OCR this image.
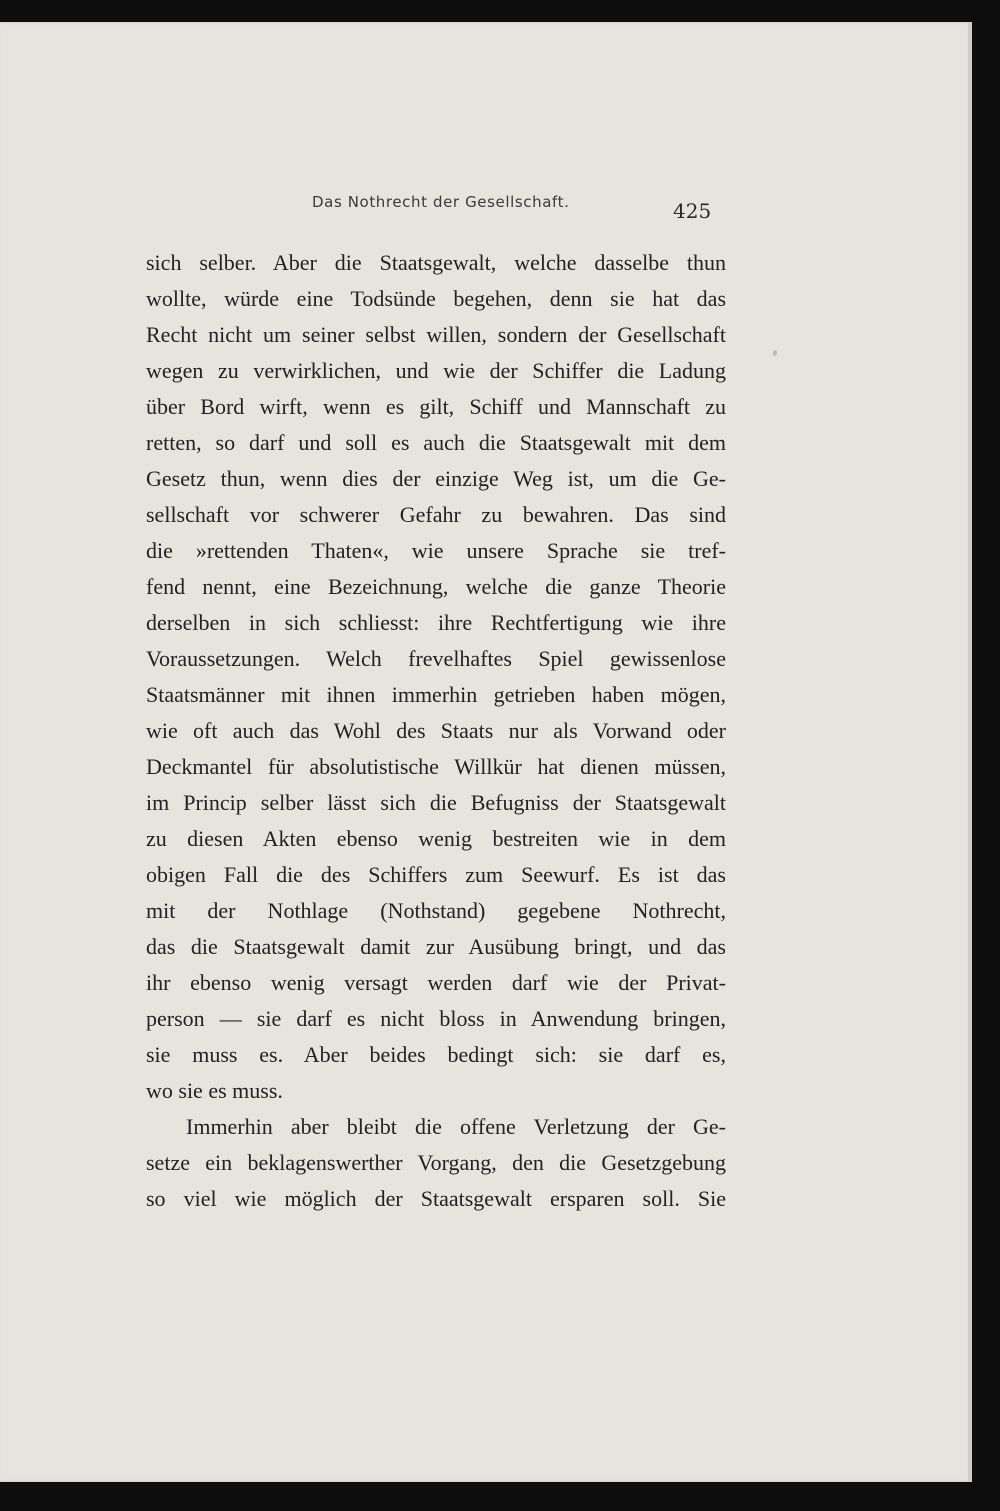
Das Nothrecht der Gesellschaft.	425
sich selber. Aber die Staatsgewalt, welche dasselbe thun
wollte, würde eine Todsünde begehen, denn sie hat das
Recht nicht um seiner selbst willen, sondern der Gesellschaft
wegen zu verwirklichen, und wie der Schiffer die Ladung
über Bord wirft, wenn es gilt, Schiff und Mannschaft zu
retten, so darf und soll es auch die Staatsgewalt mit dem
Gesetz thun, wenn dies der einzige Weg ist, um die Ge-
sellschaft vor schwerer Gefahr zu bewahren. Das sind
die »rettenden Thaten«, wie unsere Sprache sie tref-
fend nennt, eine Bezeichnung, welche die ganze Theorie
derselben in sich schliesst: ihre Rechtfertigung wie ihre
Voraussetzungen. Welch frevelhaftes Spiel gewissenlose
Staatsmänner mit ihnen immerhin getrieben haben mögen,
wie oft auch das Wohl des Staats nur als Vorwand oder
Deckmantel für absolutistische Willkür hat dienen müssen,
im Princip selber lässt sich die Befugniss der Staatsgewalt
zu diesen Akten ebenso wenig bestreiten wie in dem
obigen Fall die des Schiffers zum Seewurf. Es ist das
mit der Nothlage (Nothstand) gegebene Nothrecht,
das die Staatsgewalt damit zur Ausübung bringt, und das
ihr ebenso wenig versagt werden darf wie der Privat-
person — sie darf es nicht bloss in Anwendung bringen,
sie muss es. Aber beides bedingt sich: sie darf es,
wo sie es muss.
Immerhin aber bleibt die offene Verletzung der Ge-
setze ein beklagenswerther Vorgang, den die Gesetzgebung
so viel wie möglich der Staatsgewalt ersparen soll. Sie
